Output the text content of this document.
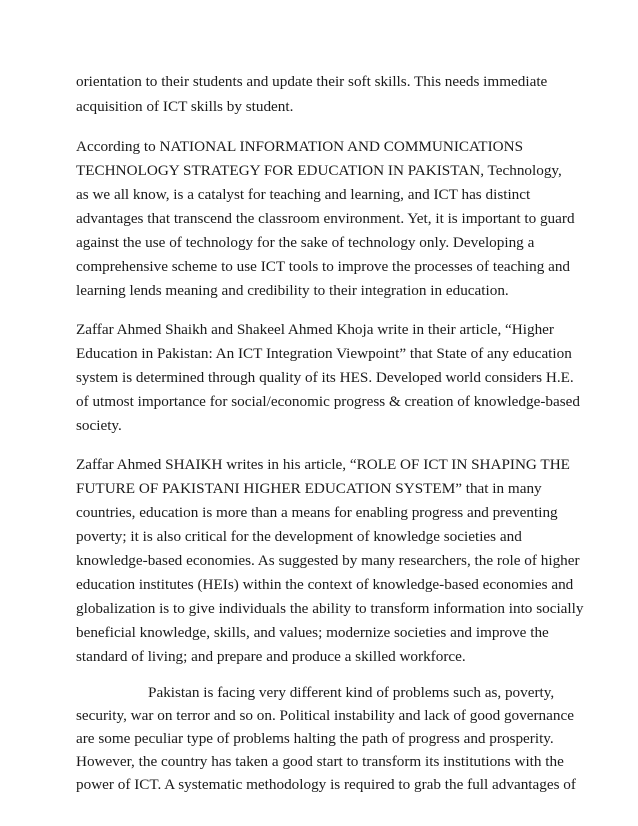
orientation to their students and update their soft skills. This needs immediate
acquisition of ICT skills by student.
According to NATIONAL INFORMATION AND COMMUNICATIONS
TECHNOLOGY STRATEGY FOR EDUCATION IN PAKISTAN, Technology,
as we all know, is a catalyst for teaching and learning, and ICT has distinct
advantages that transcend the classroom environment. Yet, it is important to guard
against the use of technology for the sake of technology only. Developing a
comprehensive scheme to use ICT tools to improve the processes of teaching and
learning lends meaning and credibility to their integration in education.
Zaffar Ahmed Shaikh and Shakeel Ahmed Khoja write in their article, “Higher
Education in Pakistan: An ICT Integration Viewpoint” that State of any education
system is determined through quality of its HES. Developed world considers H.E.
of utmost importance for social/economic progress & creation of knowledge-based
society.
Zaffar Ahmed SHAIKH writes in his article, “ROLE OF ICT IN SHAPING THE
FUTURE OF PAKISTANI HIGHER EDUCATION SYSTEM” that in many
countries, education is more than a means for enabling progress and preventing
poverty; it is also critical for the development of knowledge societies and
knowledge-based economies. As suggested by many researchers, the role of higher
education institutes (HEIs) within the context of knowledge-based economies and
globalization is to give individuals the ability to transform information into socially
beneficial knowledge, skills, and values; modernize societies and improve the
standard of living; and prepare and produce a skilled workforce.
Pakistan is facing very different kind of problems such as, poverty,
security, war on terror and so on. Political instability and lack of good governance
are some peculiar type of problems halting the path of progress and prosperity.
However, the country has taken a good start to transform its institutions with the
power of ICT. A systematic methodology is required to grab the full advantages of
